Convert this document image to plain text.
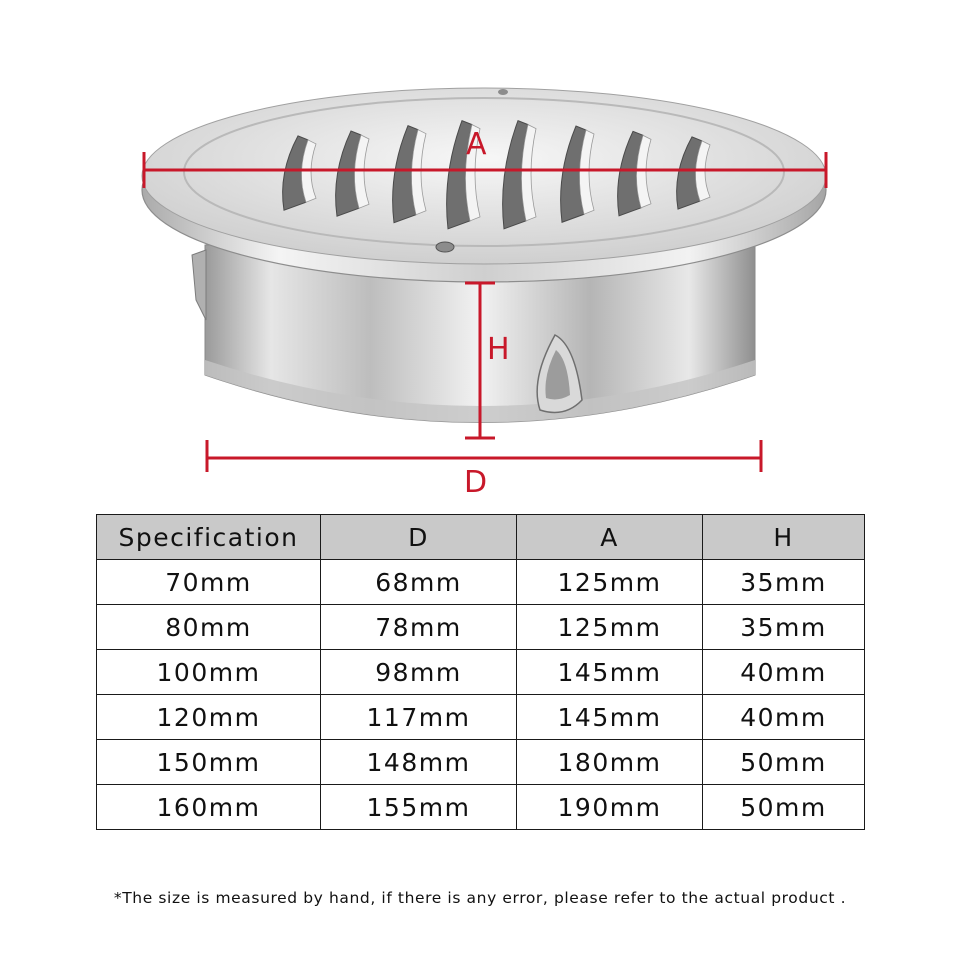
A
H
D
Specification	D	A	H
70mm	68mm	125mm	35mm
80mm	78mm	125mm	35mm
100mm	98mm	145mm	40mm
120mm	117mm	145mm	40mm
150mm	148mm	180mm	50mm
160mm	155mm	190mm	50mm
*The size is measured by hand, if there is any error, please refer to the actual product .
